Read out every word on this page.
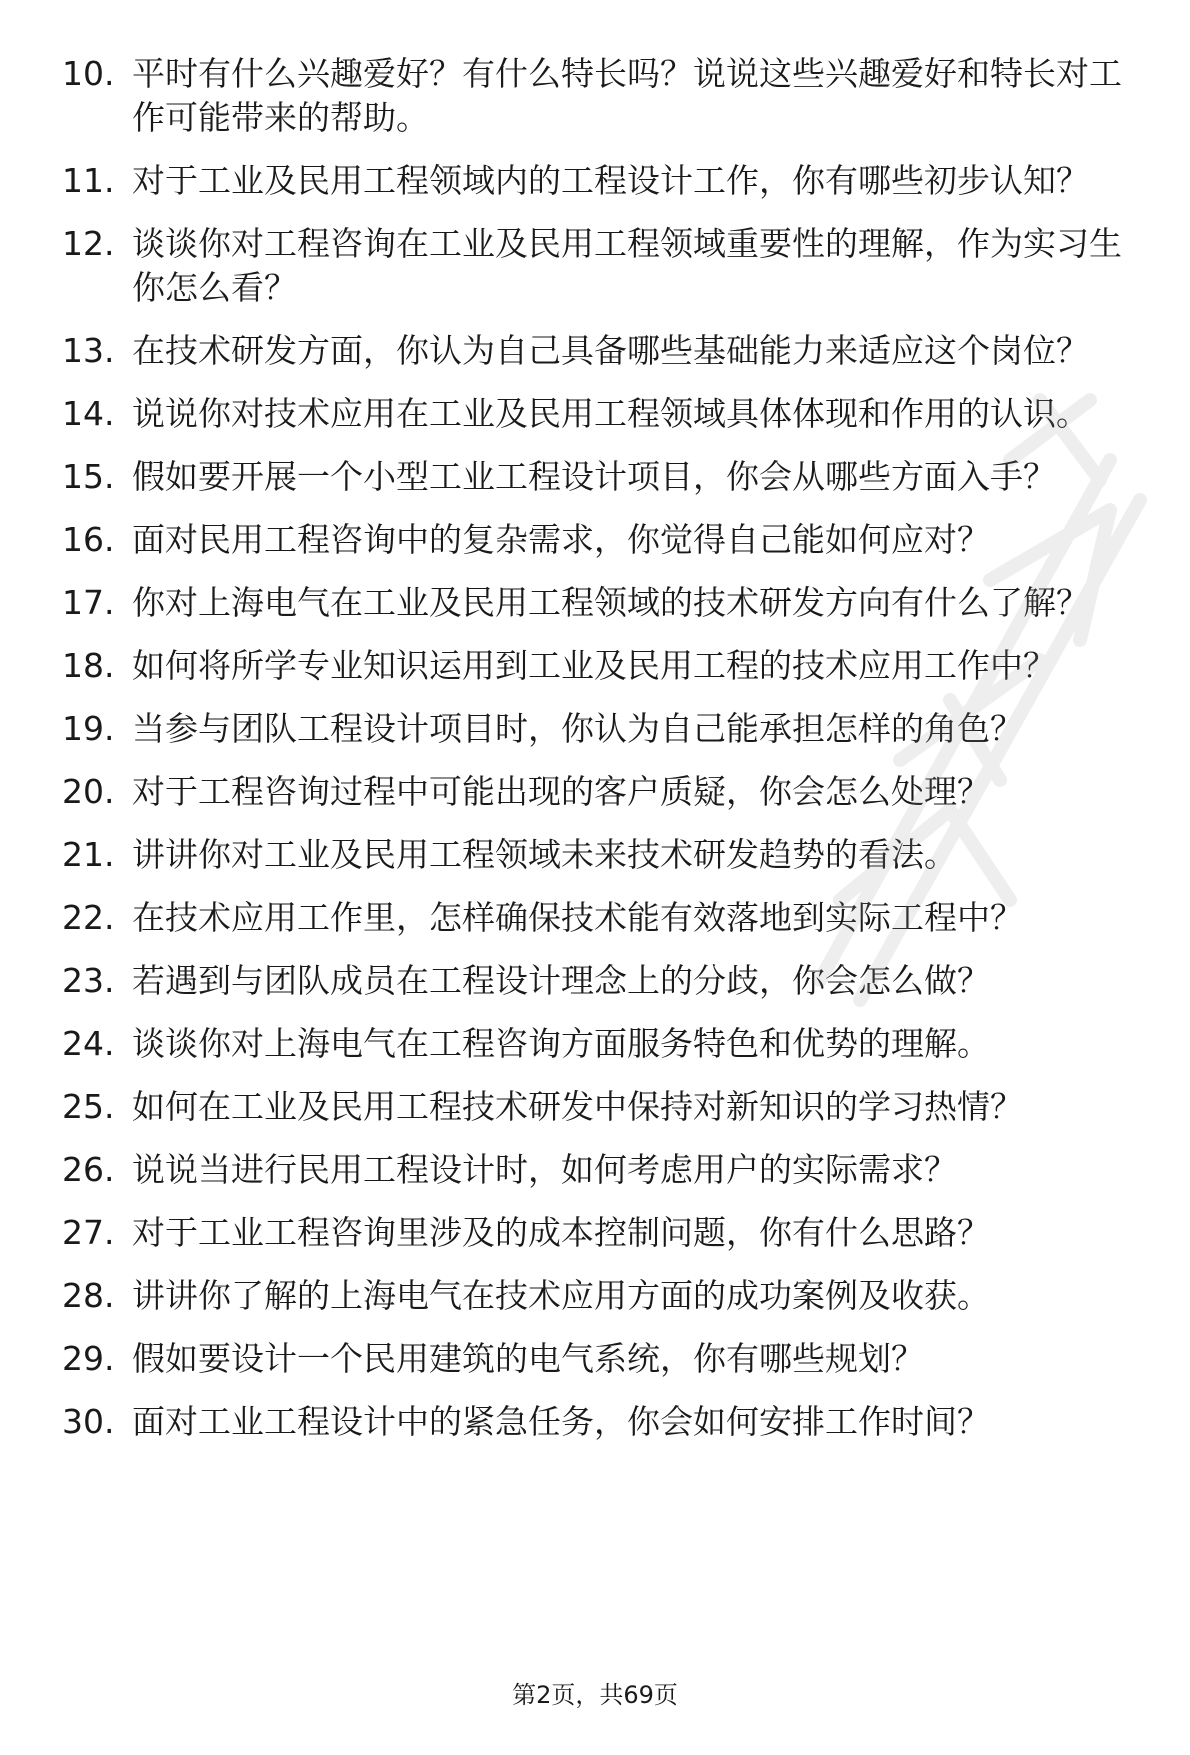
10. 平时有什么兴趣爱好？有什么特长吗？说说这些兴趣爱好和特长对工作可能带来的帮助。
11. 对于工业及民用工程领域内的工程设计工作，你有哪些初步认知？
12. 谈谈你对工程咨询在工业及民用工程领域重要性的理解，作为实习生你怎么看？
13. 在技术研发方面，你认为自己具备哪些基础能力来适应这个岗位？
14. 说说你对技术应用在工业及民用工程领域具体体现和作用的认识。
15. 假如要开展一个小型工业工程设计项目，你会从哪些方面入手？
16. 面对民用工程咨询中的复杂需求，你觉得自己能如何应对？
17. 你对上海电气在工业及民用工程领域的技术研发方向有什么了解？
18. 如何将所学专业知识运用到工业及民用工程的技术应用工作中？
19. 当参与团队工程设计项目时，你认为自己能承担怎样的角色？
20. 对于工程咨询过程中可能出现的客户质疑，你会怎么处理？
21. 讲讲你对工业及民用工程领域未来技术研发趋势的看法。
22. 在技术应用工作里，怎样确保技术能有效落地到实际工程中？
23. 若遇到与团队成员在工程设计理念上的分歧，你会怎么做？
24. 谈谈你对上海电气在工程咨询方面服务特色和优势的理解。
25. 如何在工业及民用工程技术研发中保持对新知识的学习热情？
26. 说说当进行民用工程设计时，如何考虑用户的实际需求？
27. 对于工业工程咨询里涉及的成本控制问题，你有什么思路？
28. 讲讲你了解的上海电气在技术应用方面的成功案例及收获。
29. 假如要设计一个民用建筑的电气系统，你有哪些规划？
30. 面对工业工程设计中的紧急任务，你会如何安排工作时间？
第2页，共69页
